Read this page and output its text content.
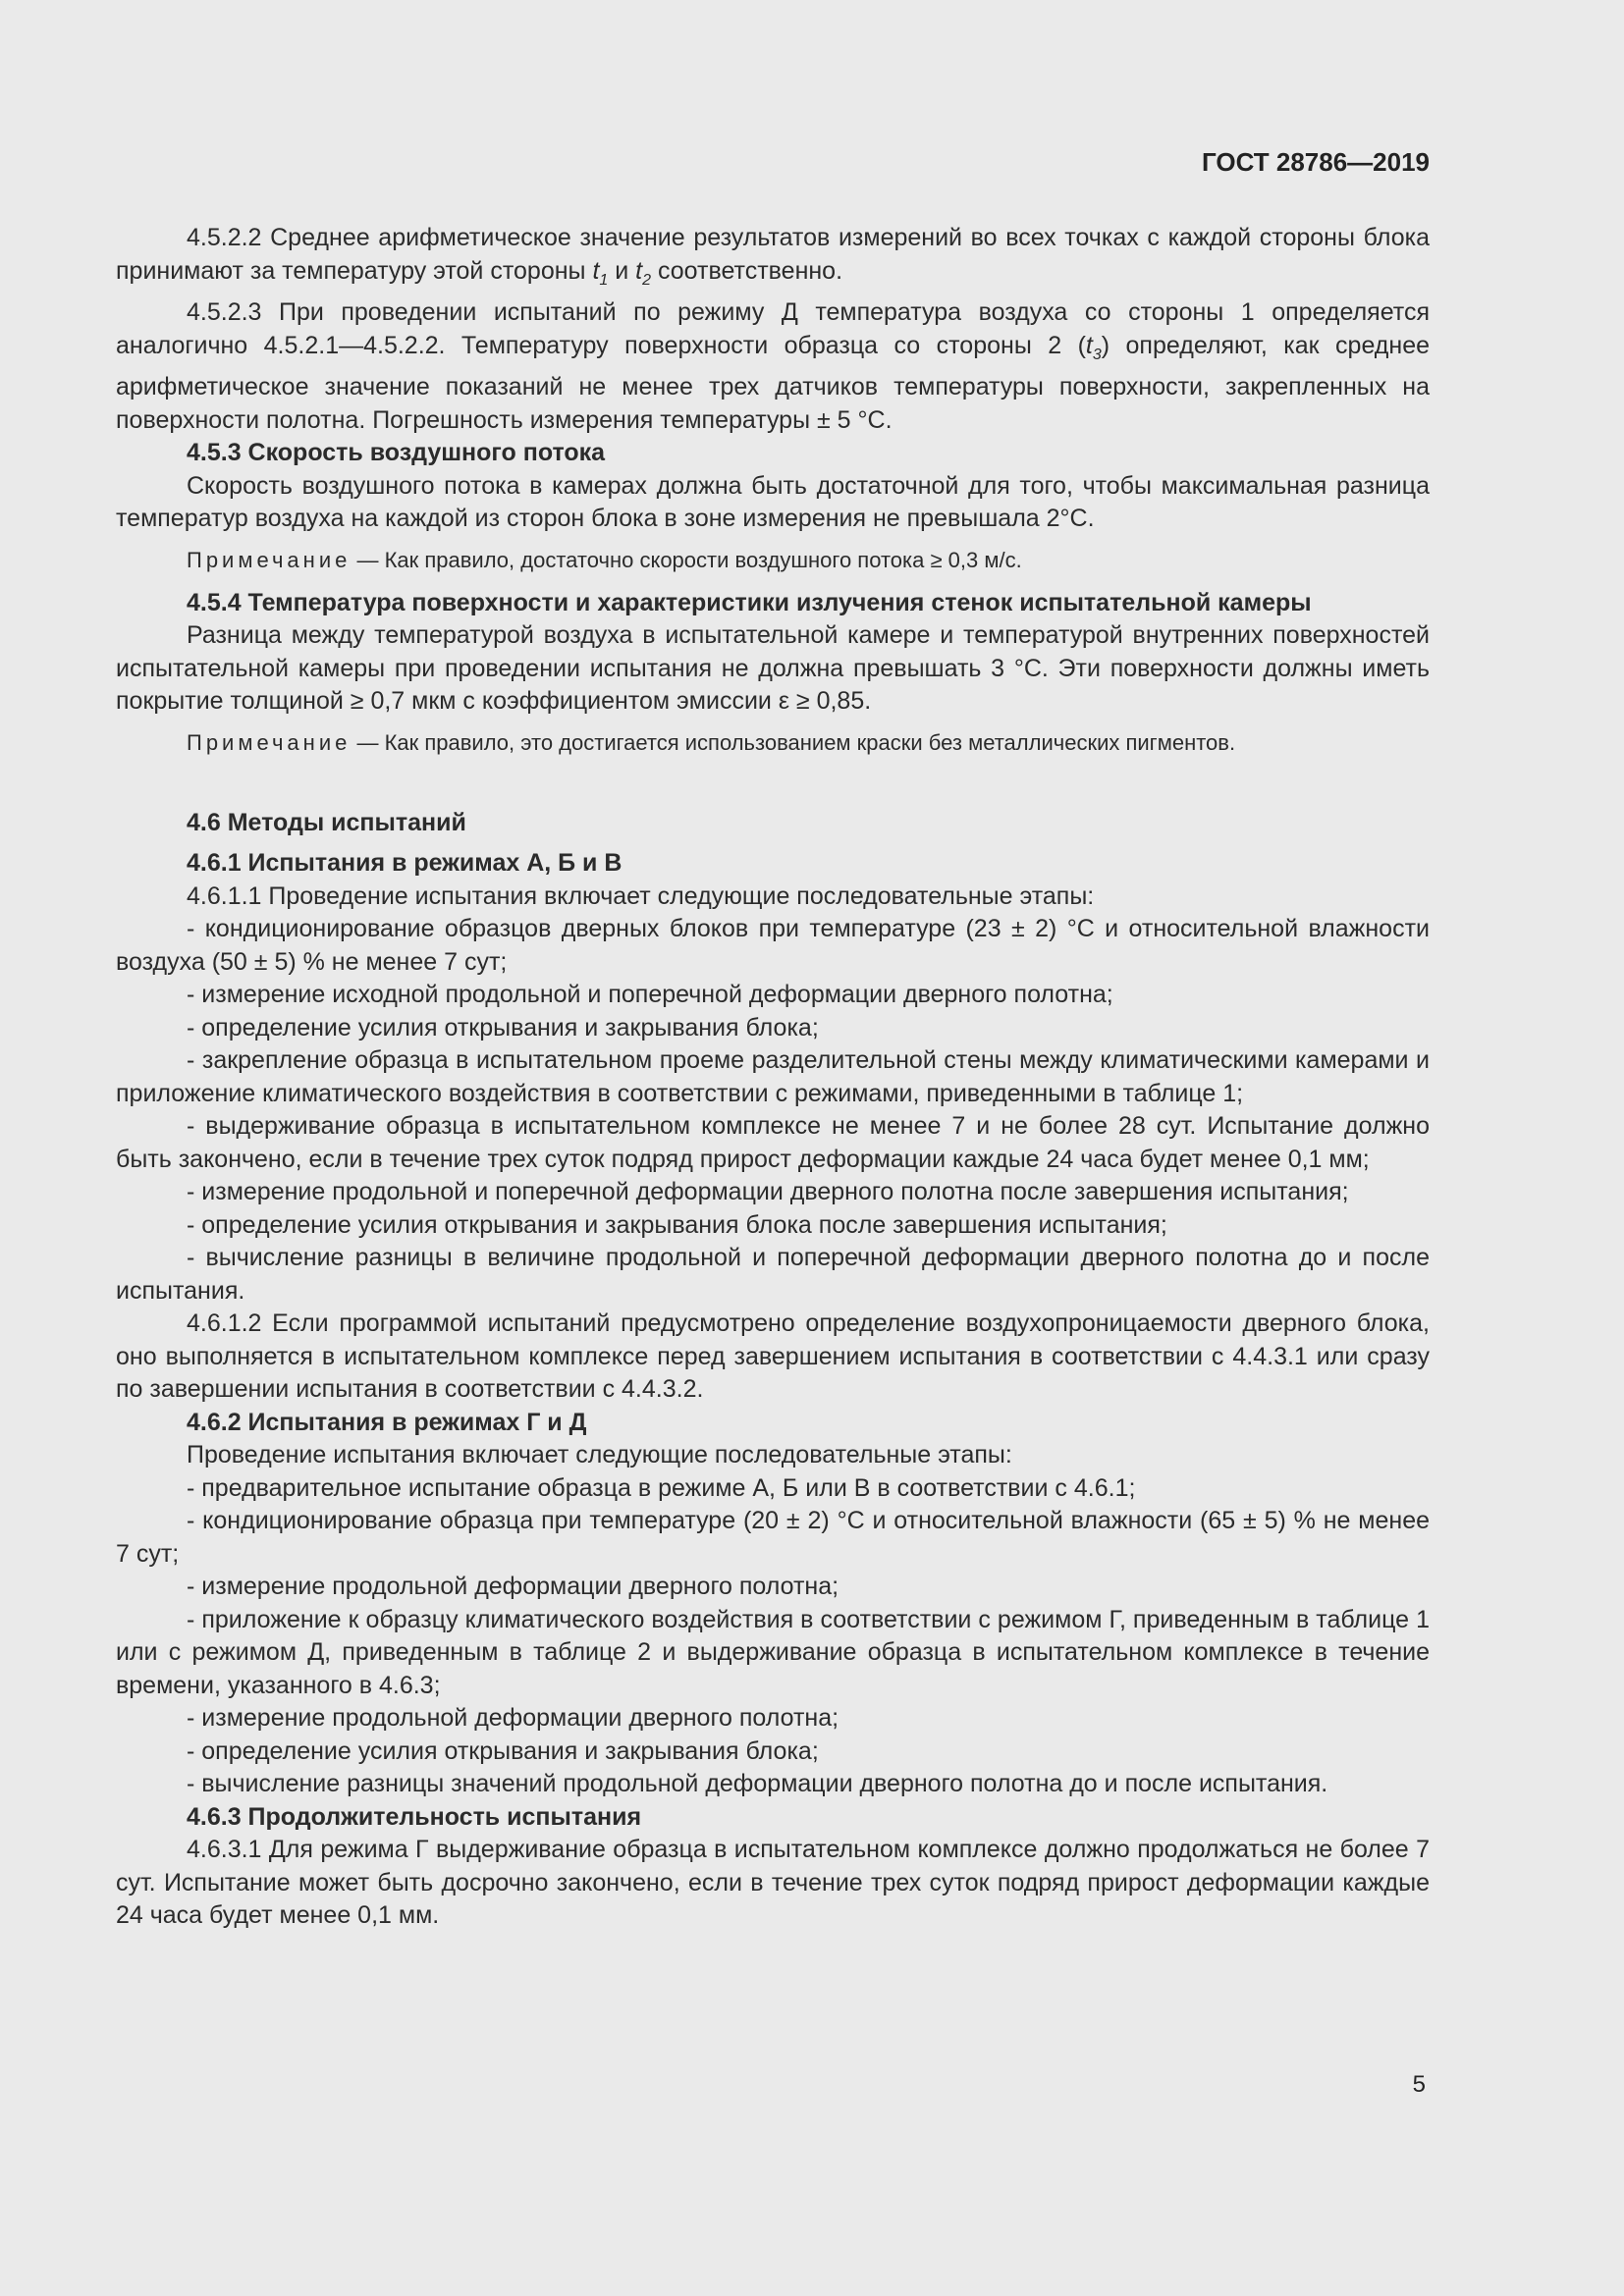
ГОСТ 28786—2019

4.5.2.2 Среднее арифметическое значение результатов измерений во всех точках с каждой стороны блока принимают за температуру этой стороны $t_1$ и $t_2$ соответственно.

4.5.2.3 При проведении испытаний по режиму Д температура воздуха со стороны 1 определяется аналогично 4.5.2.1—4.5.2.2. Температуру поверхности образца со стороны 2 $(t_3)$ определяют, как среднее арифметическое значение показаний не менее трех датчиков температуры поверхности, закрепленных на поверхности полотна. Погрешность измерения температуры ± 5 °С.

4.5.3 Скорость воздушного потока

Скорость воздушного потока в камерах должна быть достаточной для того, чтобы максимальная разница температур воздуха на каждой из сторон блока в зоне измерения не превышала 2°С.

Примечание — Как правило, достаточно скорости воздушного потока ≥ 0,3 м/с.

4.5.4 Температура поверхности и характеристики излучения стенок испытательной камеры

Разница между температурой воздуха в испытательной камере и температурой внутренних поверхностей испытательной камеры при проведении испытания не должна превышать 3 °С. Эти поверхности должны иметь покрытие толщиной ≥ 0,7 мкм с коэффициентом эмиссии ε ≥ 0,85.

Примечание — Как правило, это достигается использованием краски без металлических пигментов.

4.6 Методы испытаний

4.6.1 Испытания в режимах А, Б и В

4.6.1.1 Проведение испытания включает следующие последовательные этапы:

- кондиционирование образцов дверных блоков при температуре (23 ± 2) °С и относительной влажности воздуха (50 ± 5) % не менее 7 сут;

- измерение исходной продольной и поперечной деформации дверного полотна;

- определение усилия открывания и закрывания блока;

- закрепление образца в испытательном проеме разделительной стены между климатическими камерами и приложение климатического воздействия в соответствии с режимами, приведенными в таблице 1;

- выдерживание образца в испытательном комплексе не менее 7 и не более 28 сут. Испытание должно быть закончено, если в течение трех суток подряд прирост деформации каждые 24 часа будет менее 0,1 мм;

- измерение продольной и поперечной деформации дверного полотна после завершения испытания;

- определение усилия открывания и закрывания блока после завершения испытания;

- вычисление разницы в величине продольной и поперечной деформации дверного полотна до и после испытания.

4.6.1.2 Если программой испытаний предусмотрено определение воздухопроницаемости дверного блока, оно выполняется в испытательном комплексе перед завершением испытания в соответствии с 4.4.3.1 или сразу по завершении испытания в соответствии с 4.4.3.2.

4.6.2 Испытания в режимах Г и Д

Проведение испытания включает следующие последовательные этапы:

- предварительное испытание образца в режиме А, Б или В в соответствии с 4.6.1;

- кондиционирование образца при температуре (20 ± 2) °С и относительной влажности (65 ± 5) % не менее 7 сут;

- измерение продольной деформации дверного полотна;

- приложение к образцу климатического воздействия в соответствии с режимом Г, приведенным в таблице 1 или с режимом Д, приведенным в таблице 2 и выдерживание образца в испытательном комплексе в течение времени, указанного в 4.6.3;

- измерение продольной деформации дверного полотна;

- определение усилия открывания и закрывания блока;

- вычисление разницы значений продольной деформации дверного полотна до и после испытания.

4.6.3 Продолжительность испытания

4.6.3.1 Для режима Г выдерживание образца в испытательном комплексе должно продолжаться не более 7 сут. Испытание может быть досрочно закончено, если в течение трех суток подряд прирост деформации каждые 24 часа будет менее 0,1 мм.

5
